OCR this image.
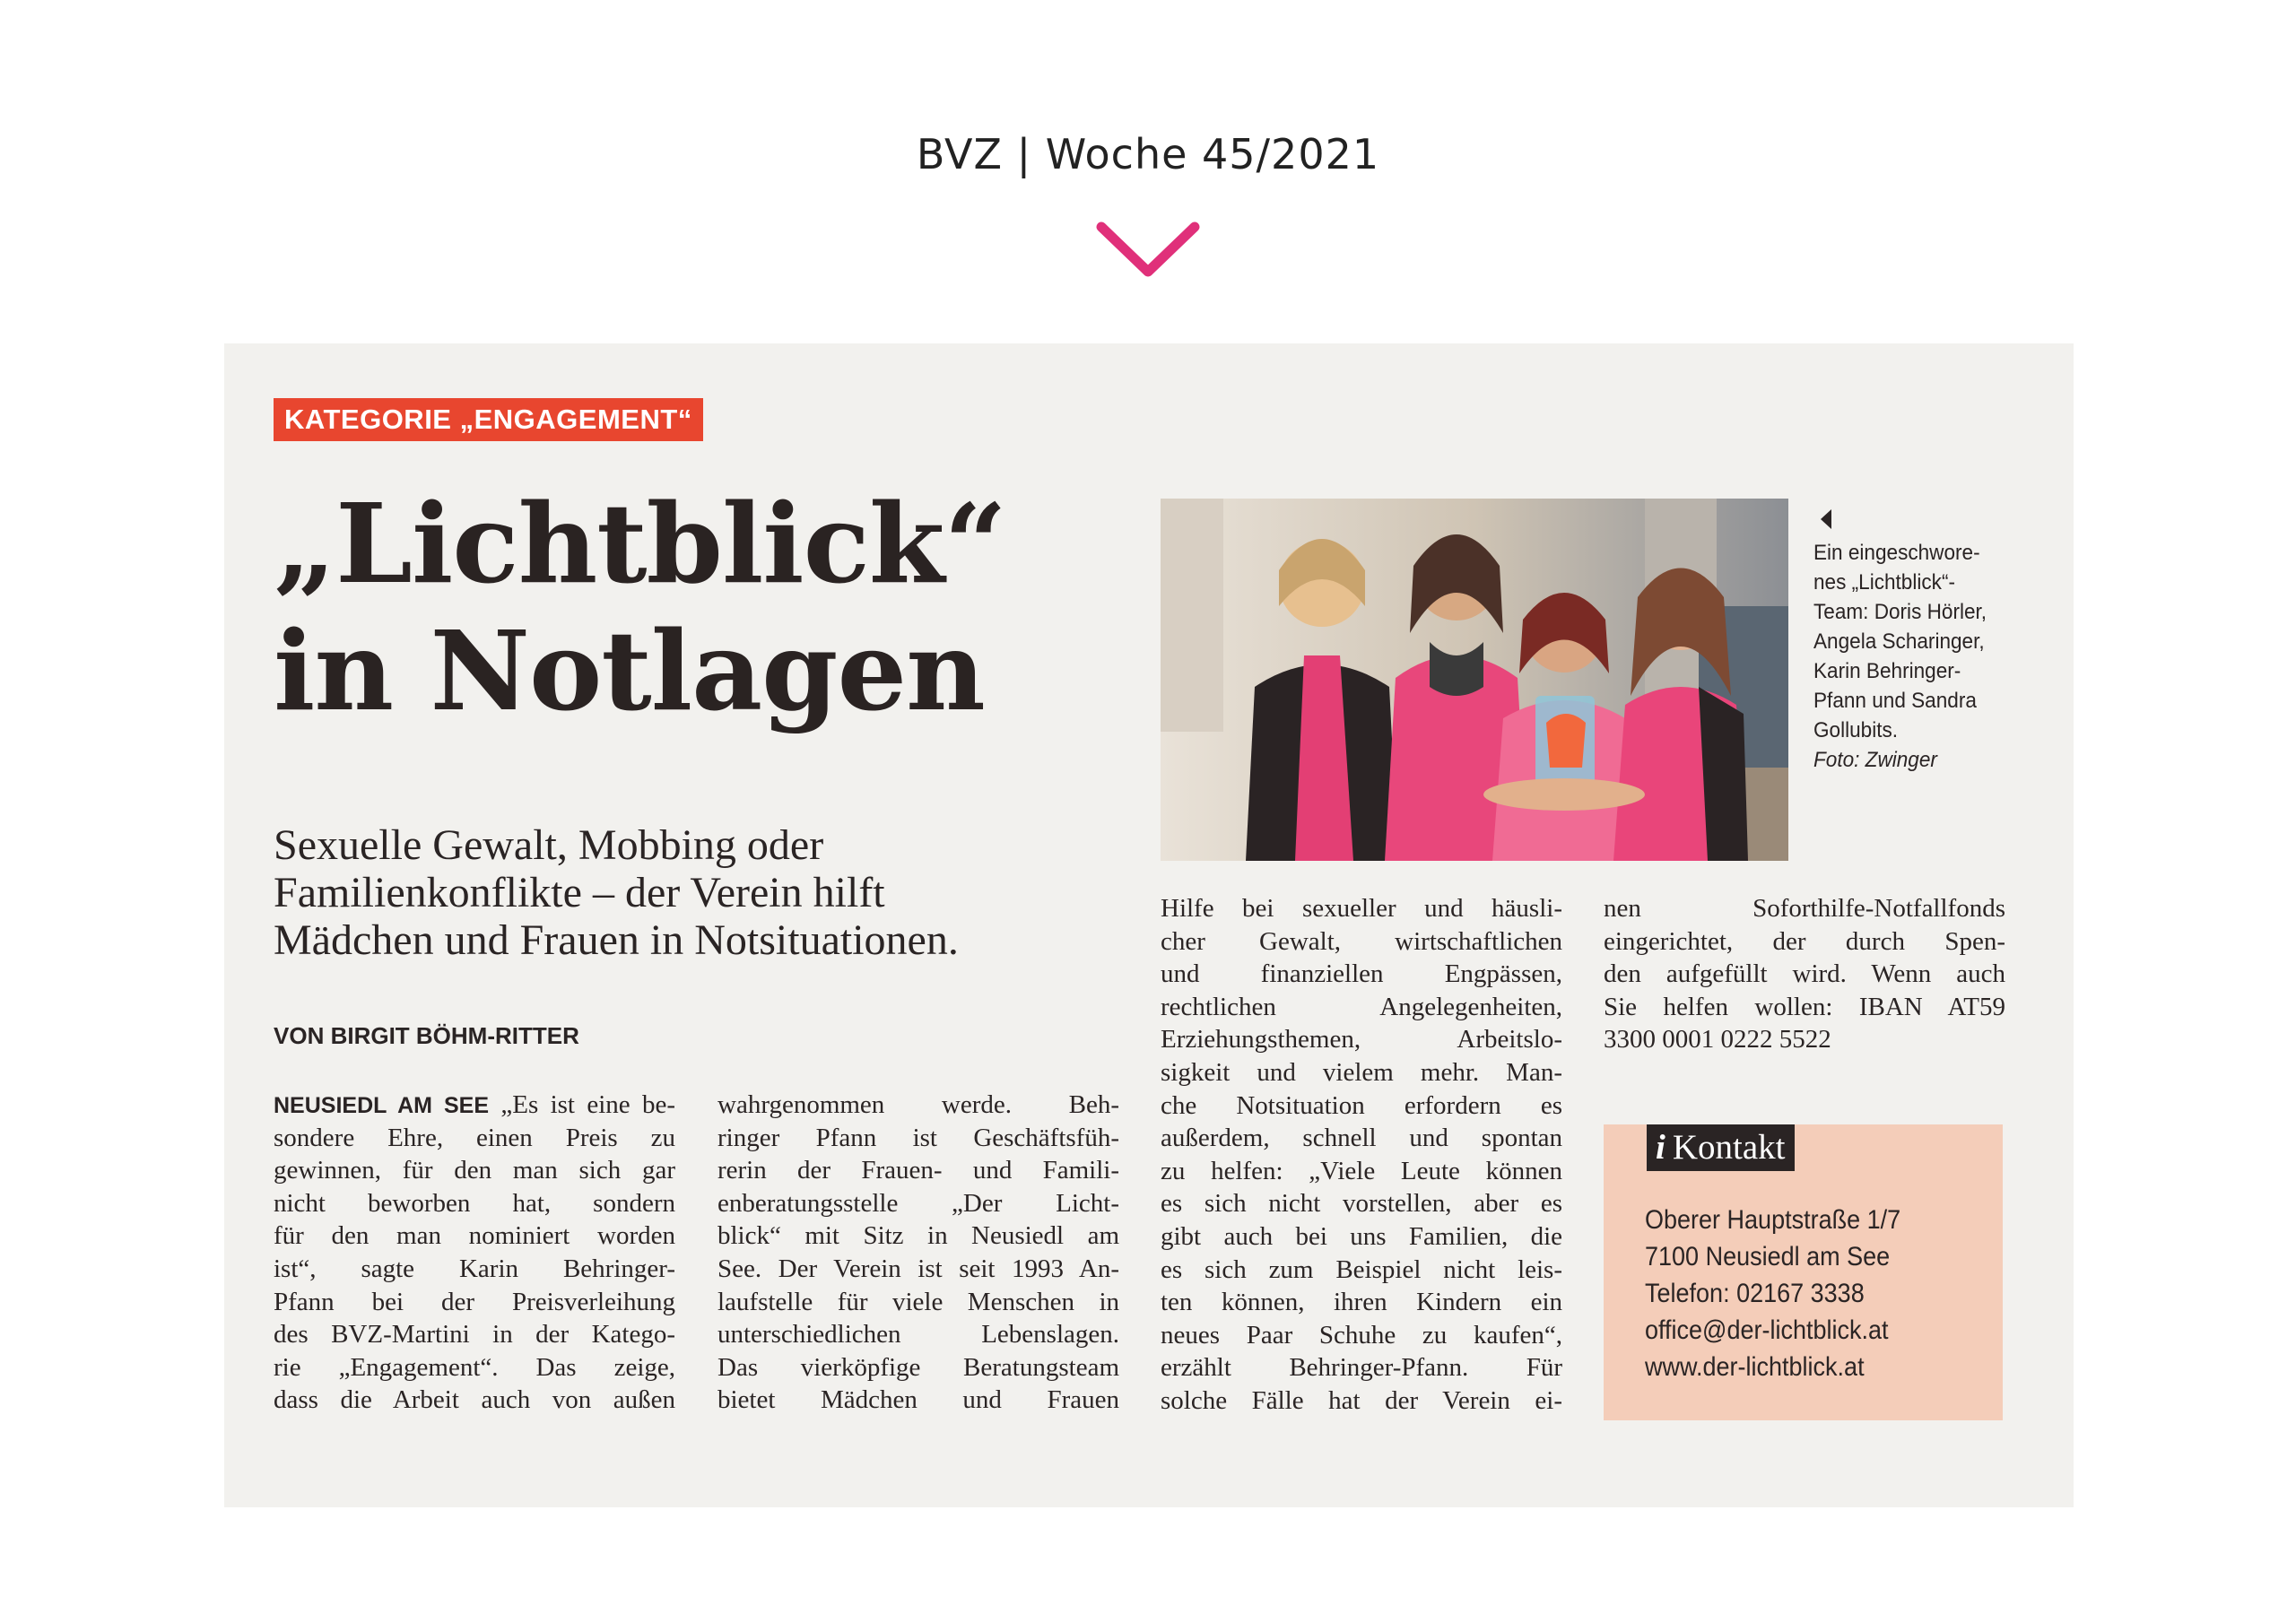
BVZ | Woche 45/2021
KATEGORIE „ENGAGEMENT“
„Lichtblick“
in Notlagen
Sexuelle Gewalt, Mobbing oder
Familienkonflikte – der Verein hilft
Mädchen und Frauen in Notsituationen.
VON BIRGIT BÖHM-RITTER
NEUSIEDL AM SEE „Es ist eine be-
sondere Ehre, einen Preis zu
gewinnen, für den man sich gar
nicht beworben hat, sondern
für den man nominiert worden
ist“, sagte Karin Behringer-
Pfann bei der Preisverleihung
des BVZ-Martini in der Katego-
rie „Engagement“. Das zeige,
dass die Arbeit auch von außen
wahrgenommen werde. Beh-
ringer Pfann ist Geschäftsfüh-
rerin der Frauen- und Famili-
enberatungsstelle „Der Licht-
blick“ mit Sitz in Neusiedl am
See. Der Verein ist seit 1993 An-
laufstelle für viele Menschen in
unterschiedlichen Lebenslagen.
Das vierköpfige Beratungsteam
bietet Mädchen und Frauen
Hilfe bei sexueller und häusli-
cher Gewalt, wirtschaftlichen
und finanziellen Engpässen,
rechtlichen Angelegenheiten,
Erziehungsthemen, Arbeitslo-
sigkeit und vielem mehr. Man-
che Notsituation erfordern es
außerdem, schnell und spontan
zu helfen: „Viele Leute können
es sich nicht vorstellen, aber es
gibt auch bei uns Familien, die
es sich zum Beispiel nicht leis-
ten können, ihren Kindern ein
neues Paar Schuhe zu kaufen“,
erzählt Behringer-Pfann. Für
solche Fälle hat der Verein ei-
nen Soforthilfe-Notfallfonds
eingerichtet, der durch Spen-
den aufgefüllt wird. Wenn auch
Sie helfen wollen: IBAN AT59
3300 0001 0222 5522
Ein eingeschwore-
nes „Lichtblick“-
Team: Doris Hörler,
Angela Scharinger,
Karin Behringer-
Pfann und Sandra
Gollubits.
Foto: Zwinger
i Kontakt
Oberer Hauptstraße 1/7
7100 Neusiedl am See
Telefon: 02167 3338
office@der-lichtblick.at
www.der-lichtblick.at
